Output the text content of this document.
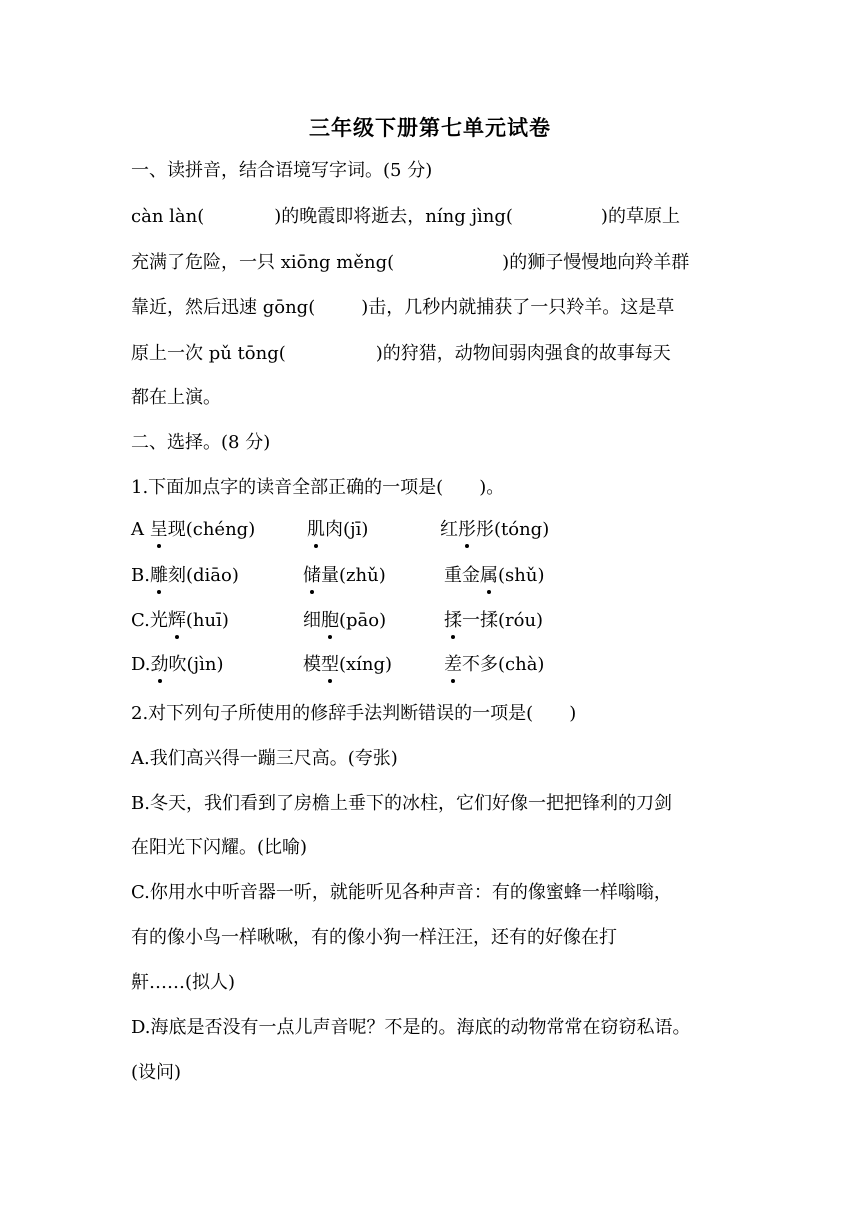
三年级下册第七单元试卷
一、读拼音，结合语境写字词。(5 分)
càn làn(	)的晚霞即将逝去，níng jìng(	)的草原上
充满了危险，一只 xiōng měng(	)的狮子慢慢地向羚羊群
靠近，然后迅速 gōng(	)击，几秒内就捕获了一只羚羊。这是草
原上一次 pǔ tōng(	)的狩猎，动物间弱肉强食的故事每天
都在上演。
二、选择。(8 分)
1.下面加点字的读音全部正确的一项是(　　)。
A 呈现(chéng)	肌肉(jī)	红彤彤(tóng)
B.雕刻(diāo)	储量(zhǔ)	重金属(shǔ)
C.光辉(huī)	细胞(pāo)	揉一揉(róu)
D.劲吹(jìn)	模型(xíng)	差不多(chà)
2.对下列句子所使用的修辞手法判断错误的一项是(　　)
A.我们高兴得一蹦三尺高。(夸张)
B.冬天，我们看到了房檐上垂下的冰柱，它们好像一把把锋利的刀剑
在阳光下闪耀。(比喻)
C.你用水中听音器一听，就能听见各种声音：有的像蜜蜂一样嗡嗡，
有的像小鸟一样啾啾，有的像小狗一样汪汪，还有的好像在打
鼾……(拟人)
D.海底是否没有一点儿声音呢？不是的。海底的动物常常在窃窃私语。
(设问)
